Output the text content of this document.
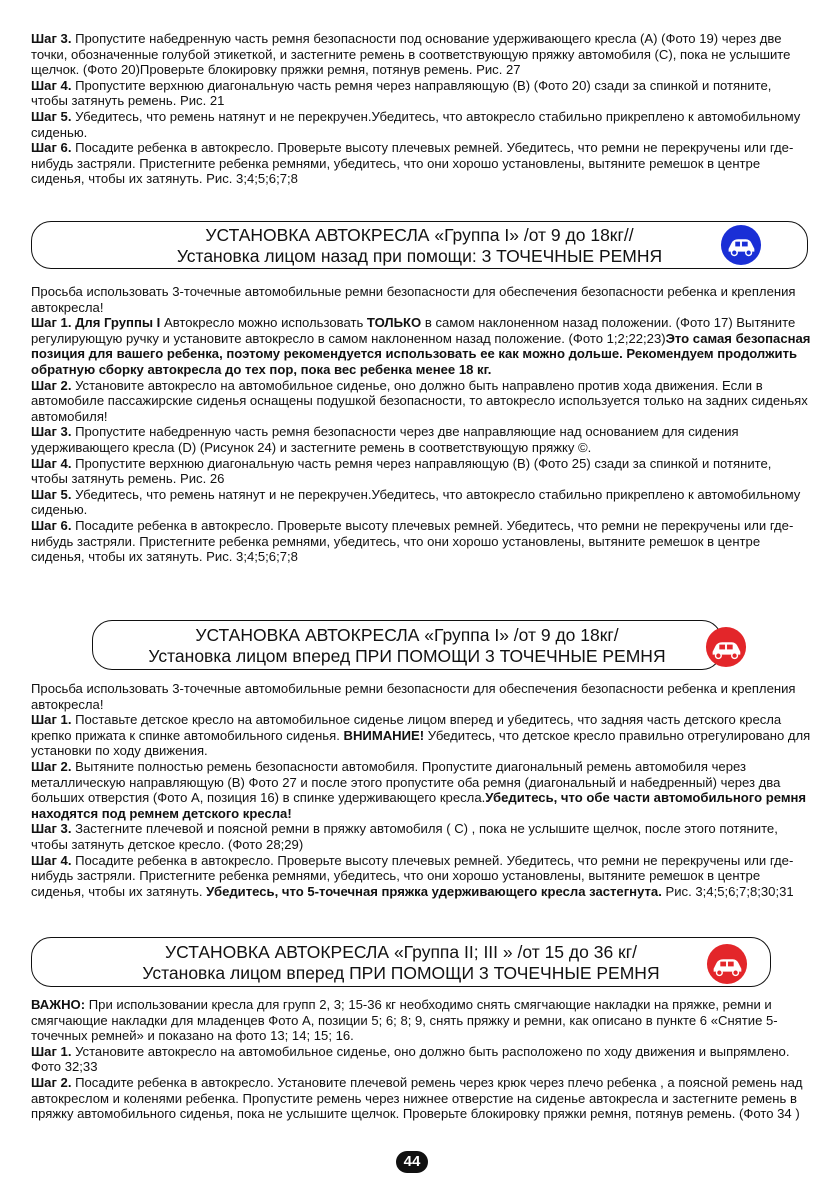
Шаг 3. Пропустите набедренную часть ремня безопасности под основание удерживающего кресла (A) (Фото 19) через две точки, обозначенные голубой этикеткой, и застегните ремень в соответствующую пряжку автомобиля (C), пока не услышите щелчок. (Фото 20)Проверьте блокировку пряжки ремня, потянув ремень. Рис. 27

Шаг 4. Пропустите верхнюю диагональную часть ремня через направляющую (B) (Фото 20) сзади за спинкой и потяните, чтобы затянуть ремень. Рис. 21

Шаг 5. Убедитесь, что ремень натянут и не перекручен.Убедитесь, что автокресло стабильно прикреплено к автомобильному сиденью.

Шаг 6. Посадите ребенка в автокресло. Проверьте высоту плечевых ремней. Убедитесь, что ремни не перекручены или где-нибудь застряли. Пристегните ребенка ремнями, убедитесь, что они хорошо установлены, вытяните ремешок в центре сиденья, чтобы их затянуть. Рис. 3;4;5;6;7;8

УСТАНОВКА АВТОКРЕСЛА «Группа I» /от 9 до 18кг//
Установка лицом назад при помощи: 3 ТОЧЕЧНЫЕ РЕМНЯ

Просьба использовать 3-точечные автомобильные ремни безопасности для обеспечения безопасности ребенка и крепления автокресла!

Шаг 1. Для Группы I Автокресло можно использовать ТОЛЬКО в самом наклоненном назад положении. (Фото 17) Вытяните регулирующую ручку и установите автокресло в самом наклоненном назад положение. (Фото 1;2;22;23)Это самая безопасная позиция для вашего ребенка, поэтому рекомендуется использовать ее как можно дольше. Рекомендуем продолжить обратную сборку автокресла до тех пор, пока вес ребенка менее 18 кг.

Шаг 2. Установите автокресло на автомобильное сиденье, оно должно быть направлено против хода движения. Если в автомобиле пассажирские сиденья оснащены подушкой безопасности, то автокресло используется только на задних сиденьях автомобиля!

Шаг 3. Пропустите набедренную часть ремня безопасности через две направляющие над основанием для сидения удерживающего кресла (D) (Рисунок 24) и застегните ремень в соответствующую пряжку ©.

Шаг 4. Пропустите верхнюю диагональную часть ремня через направляющую (B) (Фото 25) сзади за спинкой и потяните, чтобы затянуть ремень. Рис. 26

Шаг 5. Убедитесь, что ремень натянут и не перекручен.Убедитесь, что автокресло стабильно прикреплено к автомобильному сиденью.

Шаг 6. Посадите ребенка в автокресло. Проверьте высоту плечевых ремней. Убедитесь, что ремни не перекручены или где-нибудь застряли. Пристегните ребенка ремнями, убедитесь, что они хорошо установлены, вытяните ремешок в центре сиденья, чтобы их затянуть. Рис. 3;4;5;6;7;8

УСТАНОВКА АВТОКРЕСЛА «Группа I» /от 9 до 18кг/
Установка лицом вперед ПРИ ПОМОЩИ 3 ТОЧЕЧНЫЕ РЕМНЯ

Просьба использовать 3-точечные автомобильные ремни безопасности для обеспечения безопасности ребенка и крепления автокресла!

Шаг 1. Поставьте детское кресло на автомобильное сиденье лицом вперед и убедитесь, что задняя часть детского кресла крепко прижата к спинке автомобильного сиденья. ВНИМАНИЕ! Убедитесь, что детское кресло правильно отрегулировано для установки по ходу движения.

Шаг 2. Вытяните полностью ремень безопасности автомобиля. Пропустите диагональный ремень автомобиля через металлическую направляющую (B) Фото 27 и после этого пропустите оба ремня (диагональный и набедренный) через два больших отверстия (Фото A, позиция 16) в спинке удерживающего кресла.Убедитесь, что обе части автомобильного ремня находятся под ремнем детского кресла!

Шаг 3. Застегните плечевой и поясной ремни в пряжку автомобиля ( C) , пока не услышите щелчок, после этого потяните, чтобы затянуть детское кресло. (Фото 28;29)

Шаг 4. Посадите ребенка в автокресло. Проверьте высоту плечевых ремней. Убедитесь, что ремни не перекручены или где-нибудь застряли. Пристегните ребенка ремнями, убедитесь, что они хорошо установлены, вытяните ремешок в центре сиденья, чтобы их затянуть. Убедитесь, что 5-точечная пряжка удерживающего кресла застегнута. Рис. 3;4;5;6;7;8;30;31

УСТАНОВКА АВТОКРЕСЛА «Группа II; III » /от 15 до 36 кг/
Установка лицом вперед ПРИ ПОМОЩИ 3 ТОЧЕЧНЫЕ РЕМНЯ

ВАЖНО: При использовании кресла для групп 2, 3; 15-36 кг необходимо снять смягчающие накладки на пряжке, ремни и смягчающие накладки для младенцев Фото A, позиции 5; 6; 8; 9, снять пряжку и ремни, как описано в пункте 6 «Снятие 5-точечных ремней» и показано на фото 13; 14; 15; 16.

Шаг 1. Установите автокресло на автомобильное сиденье, оно должно быть расположено по ходу движения и выпрямлено. Фото 32;33

Шаг 2. Посадите ребенка в автокресло. Установите плечевой ремень через крюк через плечо ребенка , а поясной ремень над автокреслом и коленями ребенка. Пропустите ремень через нижнее отверстие на сиденье автокресла и застегните ремень в пряжку автомобильного сиденья, пока не услышите щелчок. Проверьте блокировку пряжки ремня, потянув ремень. (Фото 34 )

44
